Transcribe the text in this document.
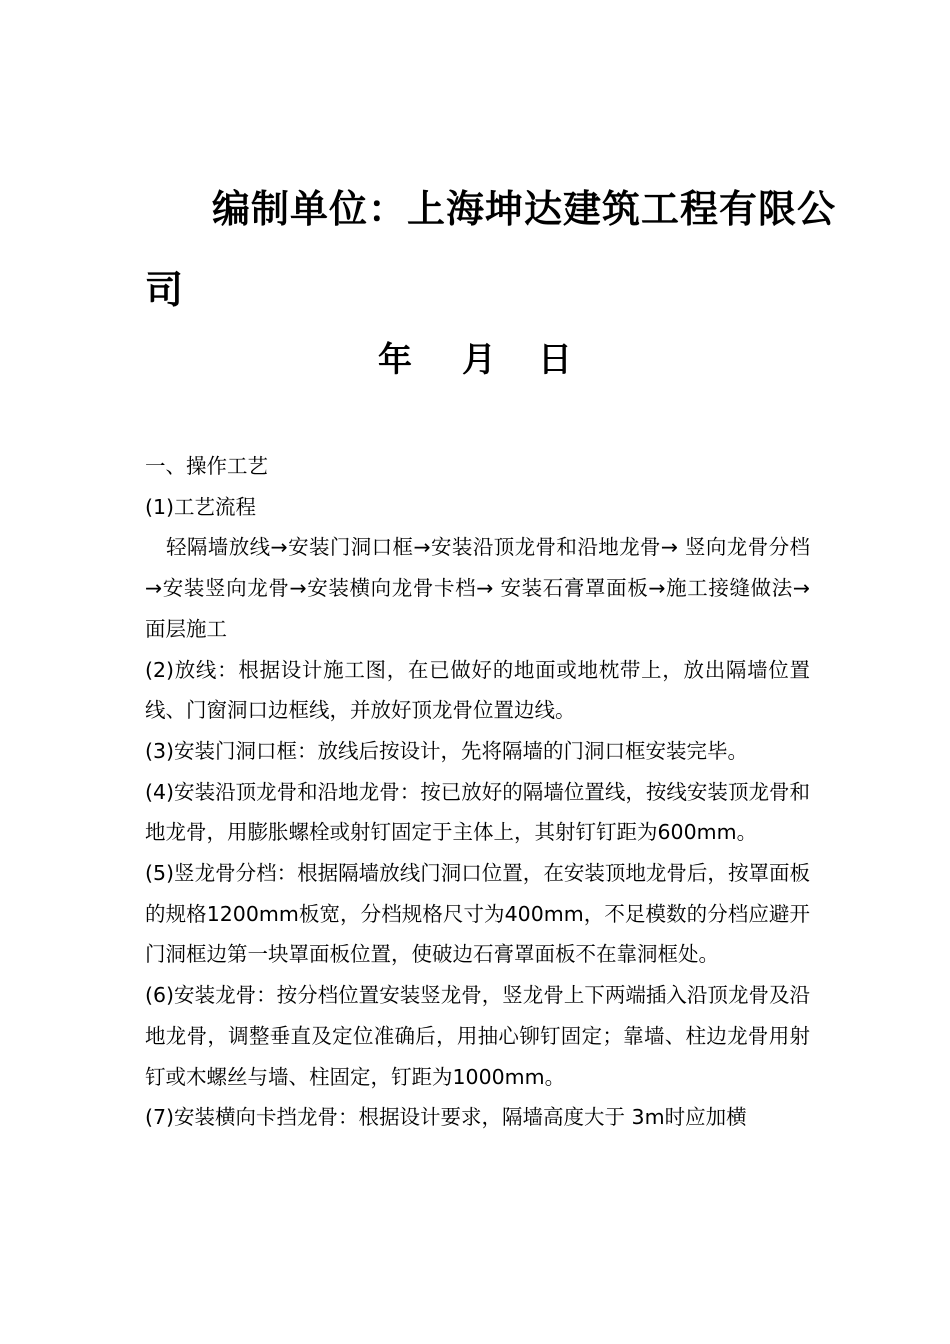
编制单位：上海坤达建筑工程有限公
司
年 月 日

一、操作工艺

(1)工艺流程

轻隔墙放线→安装门洞口框→安装沿顶龙骨和沿地龙骨→ 竖向龙骨分档→安装竖向龙骨→安装横向龙骨卡档→ 安装石膏罩面板→施工接缝做法→面层施工

(2)放线：根据设计施工图，在已做好的地面或地枕带上，放出隔墙位置线、门窗洞口边框线，并放好顶龙骨位置边线。

(3)安装门洞口框：放线后按设计，先将隔墙的门洞口框安装完毕。

(4)安装沿顶龙骨和沿地龙骨：按已放好的隔墙位置线，按线安装顶龙骨和地龙骨，用膨胀螺栓或射钉固定于主体上，其射钉钉距为600mm。

(5)竖龙骨分档：根据隔墙放线门洞口位置，在安装顶地龙骨后，按罩面板的规格1200mm板宽，分档规格尺寸为400mm，不足模数的分档应避开门洞框边第一块罩面板位置，使破边石膏罩面板不在靠洞框处。

(6)安装龙骨：按分档位置安装竖龙骨，竖龙骨上下两端插入沿顶龙骨及沿地龙骨，调整垂直及定位准确后，用抽心铆钉固定；靠墙、柱边龙骨用射钉或木螺丝与墙、柱固定，钉距为1000mm。

(7)安装横向卡挡龙骨：根据设计要求，隔墙高度大于 3m时应加横
